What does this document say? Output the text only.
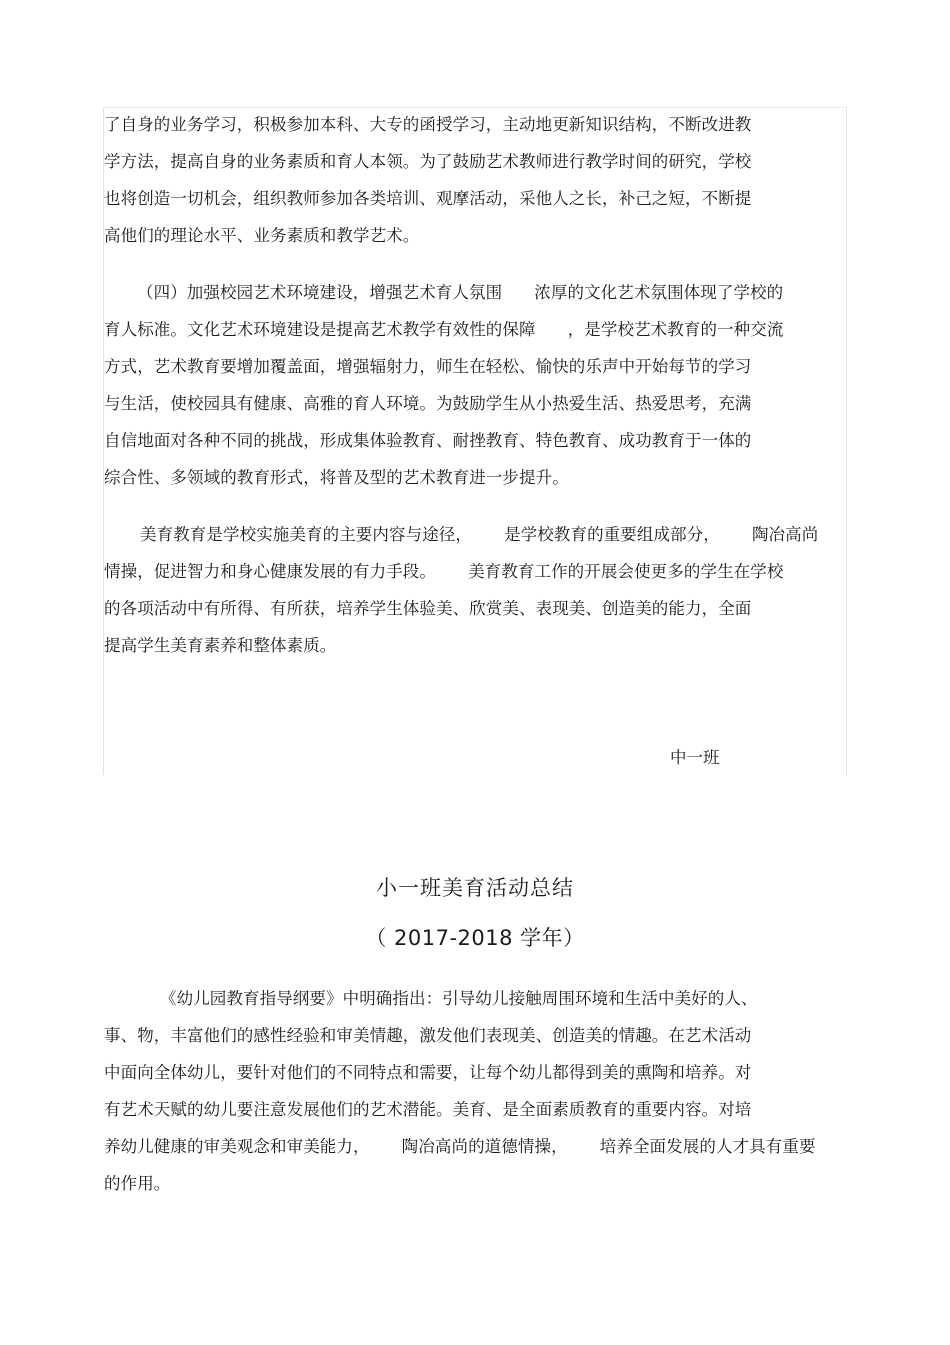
了自身的业务学习，积极参加本科、大专的函授学习，主动地更新知识结构，不断改进教
学方法，提高自身的业务素质和育人本领。为了鼓励艺术教师进行教学时间的研究，学校
也将创造一切机会，组织教师参加各类培训、观摩活动，采他人之长，补己之短，不断提
高他们的理论水平、业务素质和教学艺术。
（四）加强校园艺术环境建设，增强艺术育人氛围      浓厚的文化艺术氛围体现了学校的
育人标准。文化艺术环境建设是提高艺术教学有效性的保障      ，是学校艺术教育的一种交流
方式，艺术教育要增加覆盖面，增强辐射力，师生在轻松、愉快的乐声中开始每节的学习
与生活，使校园具有健康、高雅的育人环境。为鼓励学生从小热爱生活、热爱思考，充满
自信地面对各种不同的挑战，形成集体验教育、耐挫教育、特色教育、成功教育于一体的
综合性、多领域的教育形式，将普及型的艺术教育进一步提升。
美育教育是学校实施美育的主要内容与途径，      是学校教育的重要组成部分，      陶冶高尚
情操，促进智力和身心健康发展的有力手段。      美育教育工作的开展会使更多的学生在学校
的各项活动中有所得、有所获，培养学生体验美、欣赏美、表现美、创造美的能力，全面
提高学生美育素养和整体素质。
中一班
小一班美育活动总结
（ 2017-2018 学年）
《幼儿园教育指导纲要》中明确指出：引导幼儿接触周围环境和生活中美好的人、
事、物，丰富他们的感性经验和审美情趣，激发他们表现美、创造美的情趣。在艺术活动
中面向全体幼儿，要针对他们的不同特点和需要，让每个幼儿都得到美的熏陶和培养。对
有艺术天赋的幼儿要注意发展他们的艺术潜能。美育、是全面素质教育的重要内容。对培
养幼儿健康的审美观念和审美能力，      陶冶高尚的道德情操，      培养全面发展的人才具有重要
的作用。
